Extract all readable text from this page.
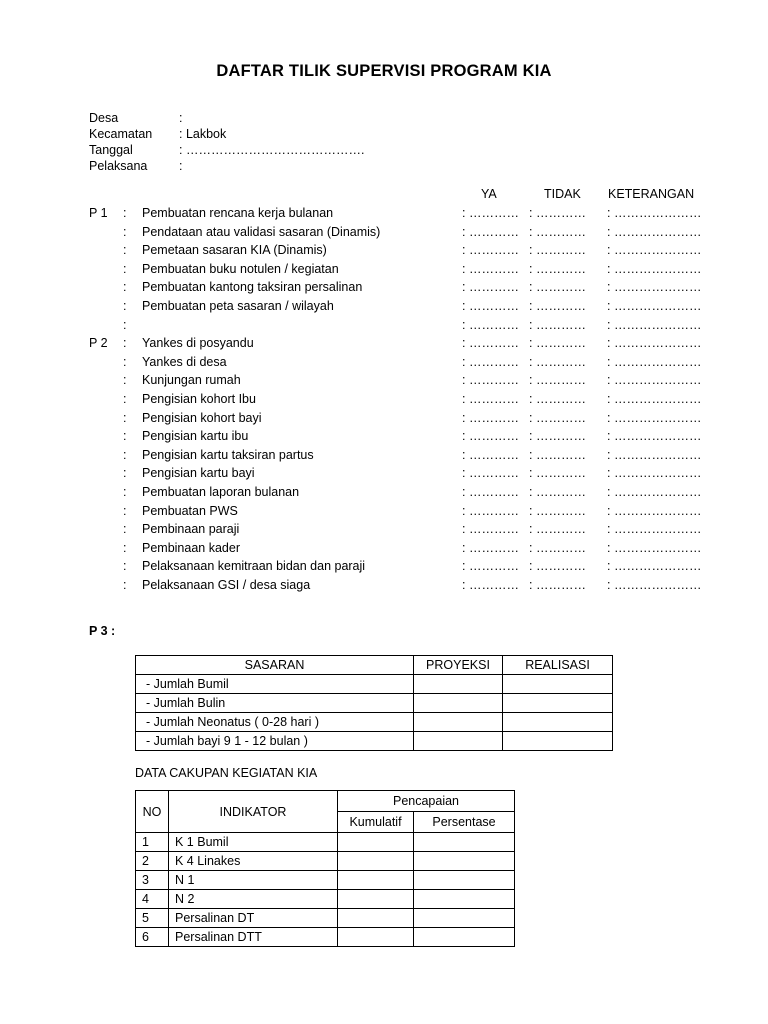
DAFTAR TILIK SUPERVISI PROGRAM KIA
Desa	:
Kecamatan	: Lakbok
Tanggal	: …………………………………….
Pelaksana	:
YA	TIDAK KETERANGAN
P 1	: Pembuatan rencana kerja bulanan	: ………… : ………… : …………………
: Pendataan atau validasi sasaran (Dinamis)	: ………… : ………… : …………………
: Pemetaan sasaran KIA (Dinamis)	: ………… : ………… : …………………
: Pembuatan buku notulen / kegiatan	: ………… : ………… : …………………
: Pembuatan kantong taksiran persalinan	: ………… : ………… : …………………
: Pembuatan peta sasaran / wilayah	: ………… : ………… : …………………
:	: ………… : ………… : …………………
P 2	: Yankes di posyandu	: ………… : ………… : …………………
: Yankes di desa	: ………… : ………… : …………………
: Kunjungan rumah	: ………… : ………… : …………………
: Pengisian kohort Ibu	: ………… : ………… : …………………
: Pengisian kohort bayi	: ………… : ………… : …………………
: Pengisian kartu ibu	: ………… : ………… : …………………
: Pengisian kartu taksiran partus	: ………… : ………… : …………………
: Pengisian kartu bayi	: ………… : ………… : …………………
: Pembuatan laporan bulanan	: ………… : ………… : …………………
: Pembuatan PWS	: ………… : ………… : …………………
: Pembinaan paraji	: ………… : ………… : …………………
: Pembinaan kader	: ………… : ………… : …………………
: Pelaksanaan kemitraan bidan dan paraji	: ………… : ………… : …………………
: Pelaksanaan GSI / desa siaga	: ………… : ………… : …………………
P 3 :
SASARAN	PROYEKSI	REALISASI
- Jumlah Bumil		
- Jumlah Bulin		
- Jumlah Neonatus ( 0-28 hari )		
- Jumlah bayi 9 1 - 12 bulan )		
DATA CAKUPAN KEGIATAN KIA
NO	INDIKATOR	Pencapaian	
		Kumulatif	Persentase
1	K 1 Bumil		
2	K 4 Linakes		
3	N 1		
4	N 2		
5	Persalinan DT		
6	Persalinan DTT		
